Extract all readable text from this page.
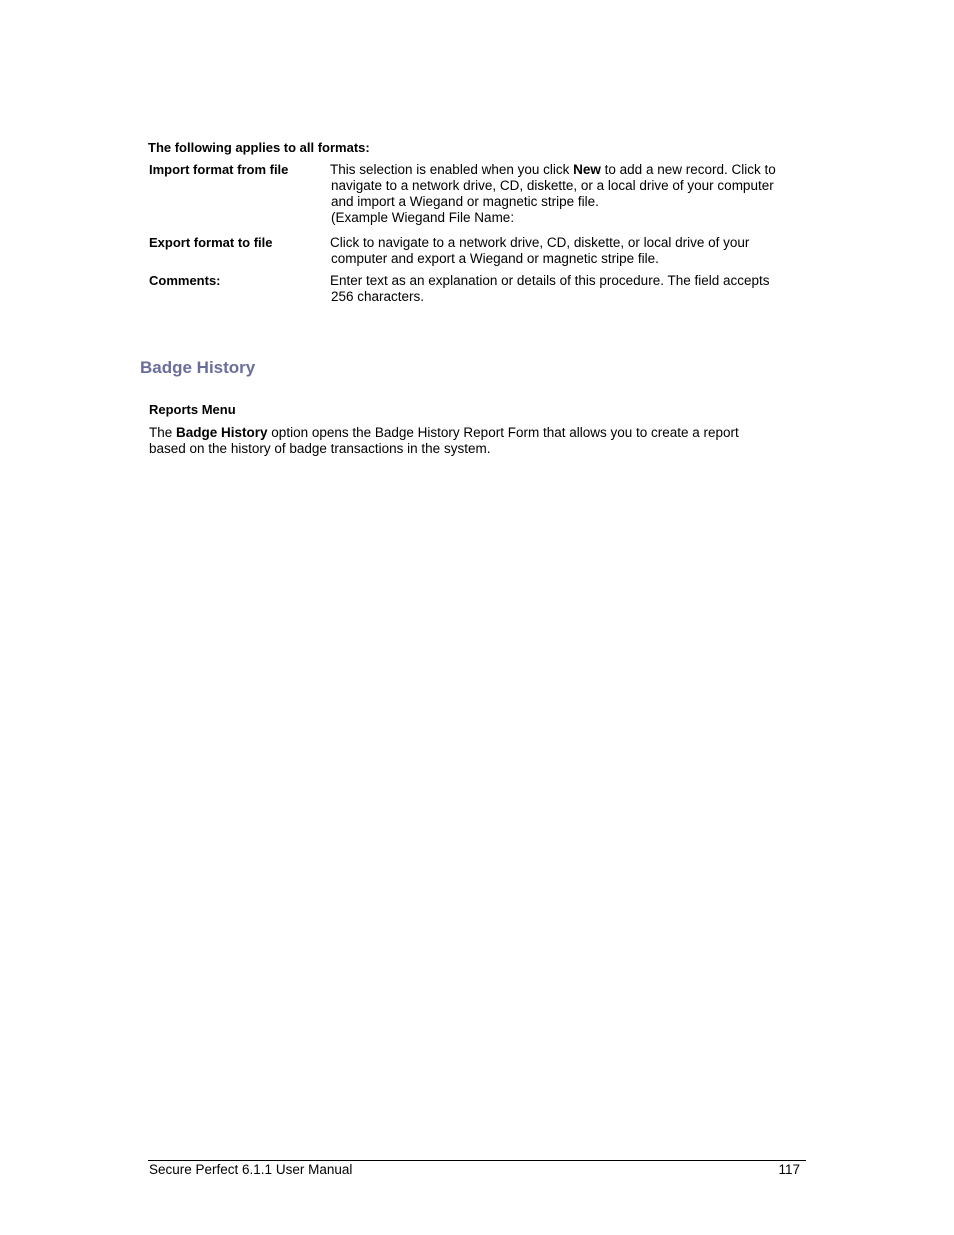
The following applies to all formats:
Import format from file	This selection is enabled when you click New to add a new record. Click to
navigate to a network drive, CD, diskette, or a local drive of your computer
and import a Wiegand or magnetic stripe file.
(Example Wiegand File Name:
Export format to file	Click to navigate to a network drive, CD, diskette, or local drive of your
computer and export a Wiegand or magnetic stripe file.
Comments:	Enter text as an explanation or details of this procedure. The field accepts
256 characters.
Badge History
Reports Menu
The Badge History option opens the Badge History Report Form that allows you to create a report
based on the history of badge transactions in the system.
Secure Perfect 6.1.1 User Manual	117
